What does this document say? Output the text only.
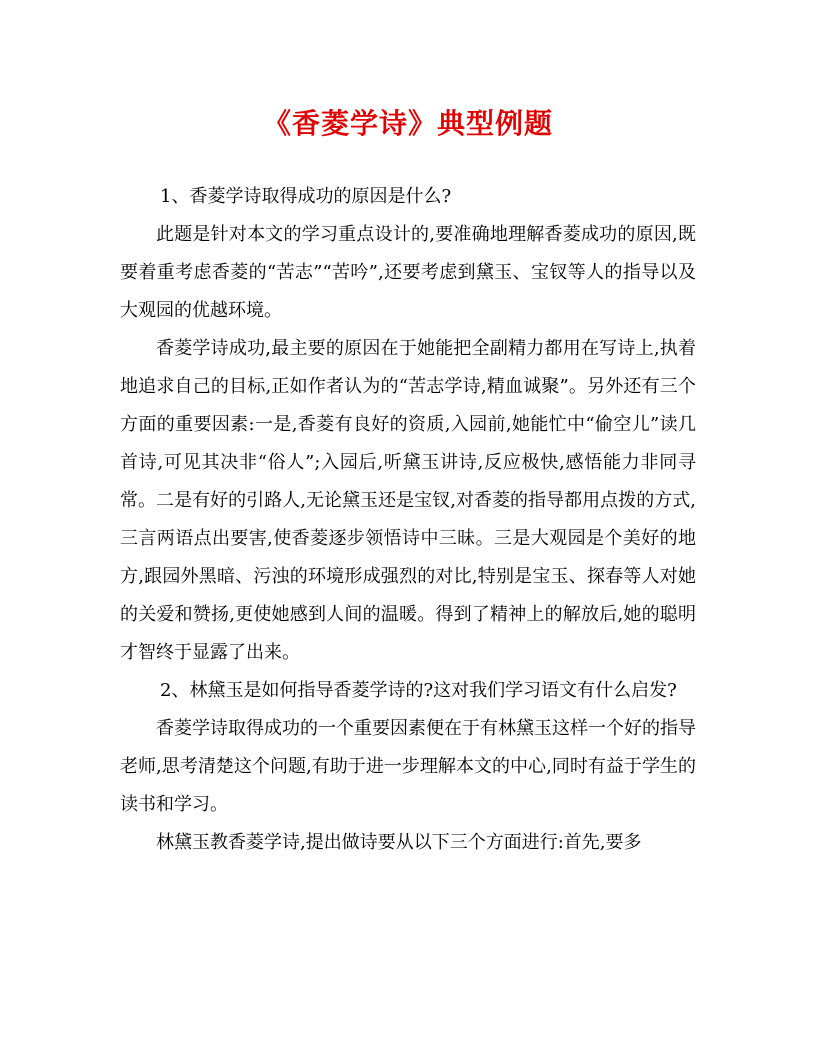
《香菱学诗》典型例题

1、香菱学诗取得成功的原因是什么?

此题是针对本文的学习重点设计的,要准确地理解香菱成功的原因,既要着重考虑香菱的“苦志”“苦吟”,还要考虑到黛玉、宝钗等人的指导以及大观园的优越环境。

香菱学诗成功,最主要的原因在于她能把全副精力都用在写诗上,执着地追求自己的目标,正如作者认为的“苦志学诗,精血诚聚”。另外还有三个方面的重要因素:一是,香菱有良好的资质,入园前,她能忙中“偷空儿”读几首诗,可见其决非“俗人”;入园后,听黛玉讲诗,反应极快,感悟能力非同寻常。二是有好的引路人,无论黛玉还是宝钗,对香菱的指导都用点拨的方式,三言两语点出要害,使香菱逐步领悟诗中三昧。三是大观园是个美好的地方,跟园外黑暗、污浊的环境形成强烈的对比,特别是宝玉、探春等人对她的关爱和赞扬,更使她感到人间的温暖。得到了精神上的解放后,她的聪明才智终于显露了出来。

2、林黛玉是如何指导香菱学诗的?这对我们学习语文有什么启发?

香菱学诗取得成功的一个重要因素便在于有林黛玉这样一个好的指导老师,思考清楚这个问题,有助于进一步理解本文的中心,同时有益于学生的读书和学习。

林黛玉教香菱学诗,提出做诗要从以下三个方面进行:首先,要多
